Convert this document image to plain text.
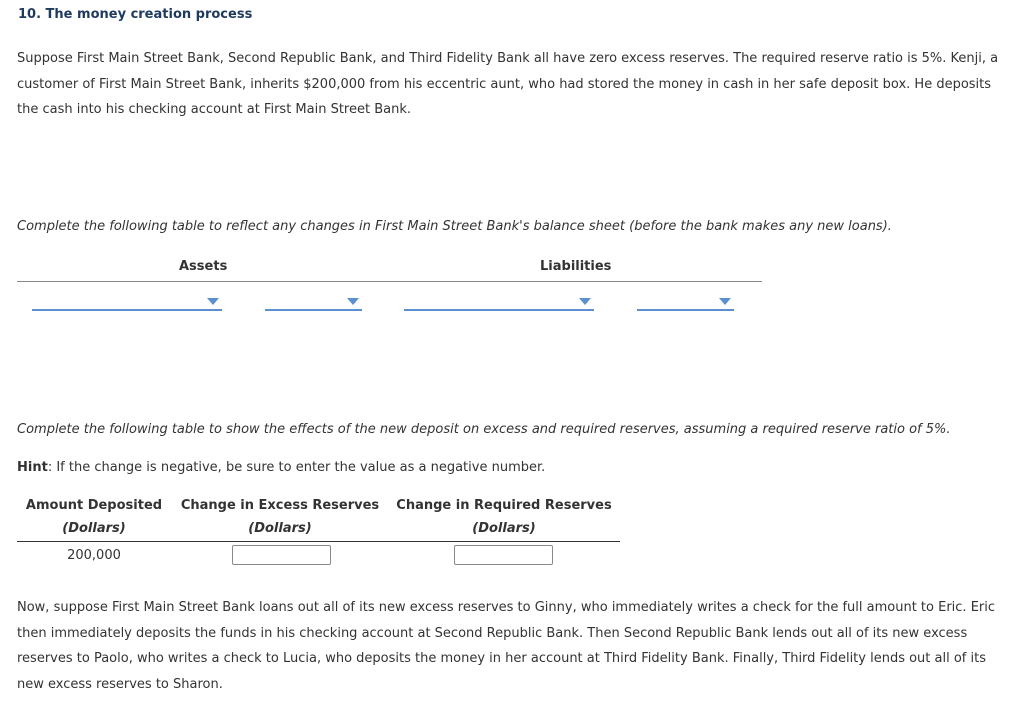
10. The money creation process
Suppose First Main Street Bank, Second Republic Bank, and Third Fidelity Bank all have zero excess reserves. The required reserve ratio is 5%. Kenji, a customer of First Main Street Bank, inherits $200,000 from his eccentric aunt, who had stored the money in cash in her safe deposit box. He deposits the cash into his checking account at First Main Street Bank.
Complete the following table to reflect any changes in First Main Street Bank's balance sheet (before the bank makes any new loans).
Assets	Liabilities
Complete the following table to show the effects of the new deposit on excess and required reserves, assuming a required reserve ratio of 5%.
Hint: If the change is negative, be sure to enter the value as a negative number.
Amount Deposited	Change in Excess Reserves	Change in Required Reserves
(Dollars)	(Dollars)	(Dollars)
200,000
Now, suppose First Main Street Bank loans out all of its new excess reserves to Ginny, who immediately writes a check for the full amount to Eric. Eric then immediately deposits the funds in his checking account at Second Republic Bank. Then Second Republic Bank lends out all of its new excess reserves to Paolo, who writes a check to Lucia, who deposits the money in her account at Third Fidelity Bank. Finally, Third Fidelity lends out all of its new excess reserves to Sharon.
